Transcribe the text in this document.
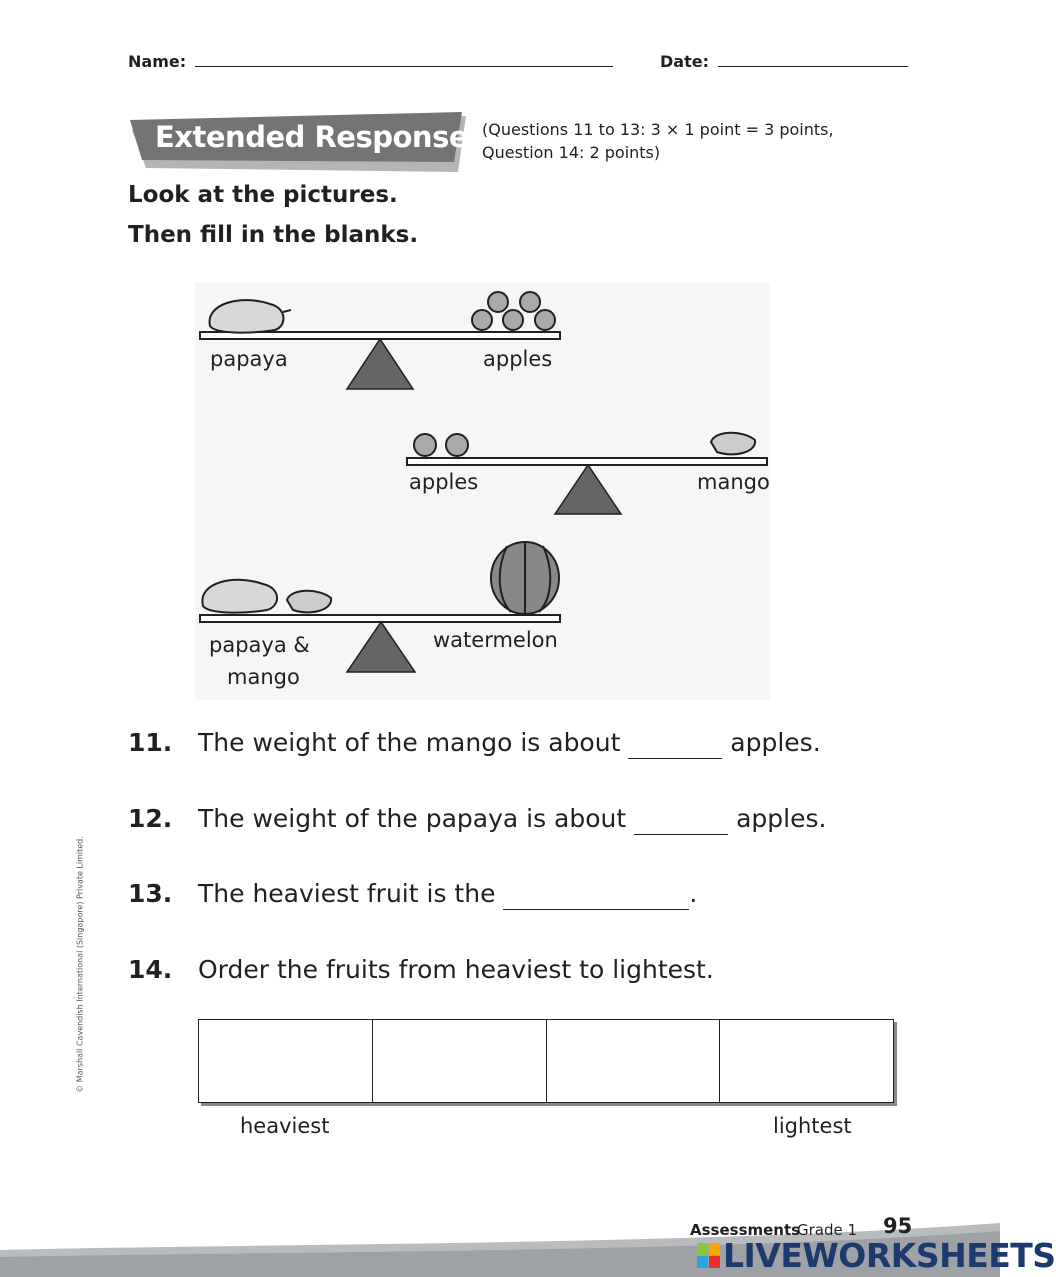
Name:	Date:
Extended Response (Questions 11 to 13: 3 × 1 point = 3 points,
Question 14: 2 points)
Look at the pictures.
Then fill in the blanks.
papaya	apples
apples	mango
papaya &
mango
watermelon
11. The weight of the mango is about	apples.
12. The weight of the papaya is about	apples.
13. The heaviest fruit is the	.
14. Order the fruits from heaviest to lightest.
heaviest	lightest
© Marshall Cavendish International (Singapore) Private Limited.
Assessments
Grade 1 95
LIVEWORKSHEETS
